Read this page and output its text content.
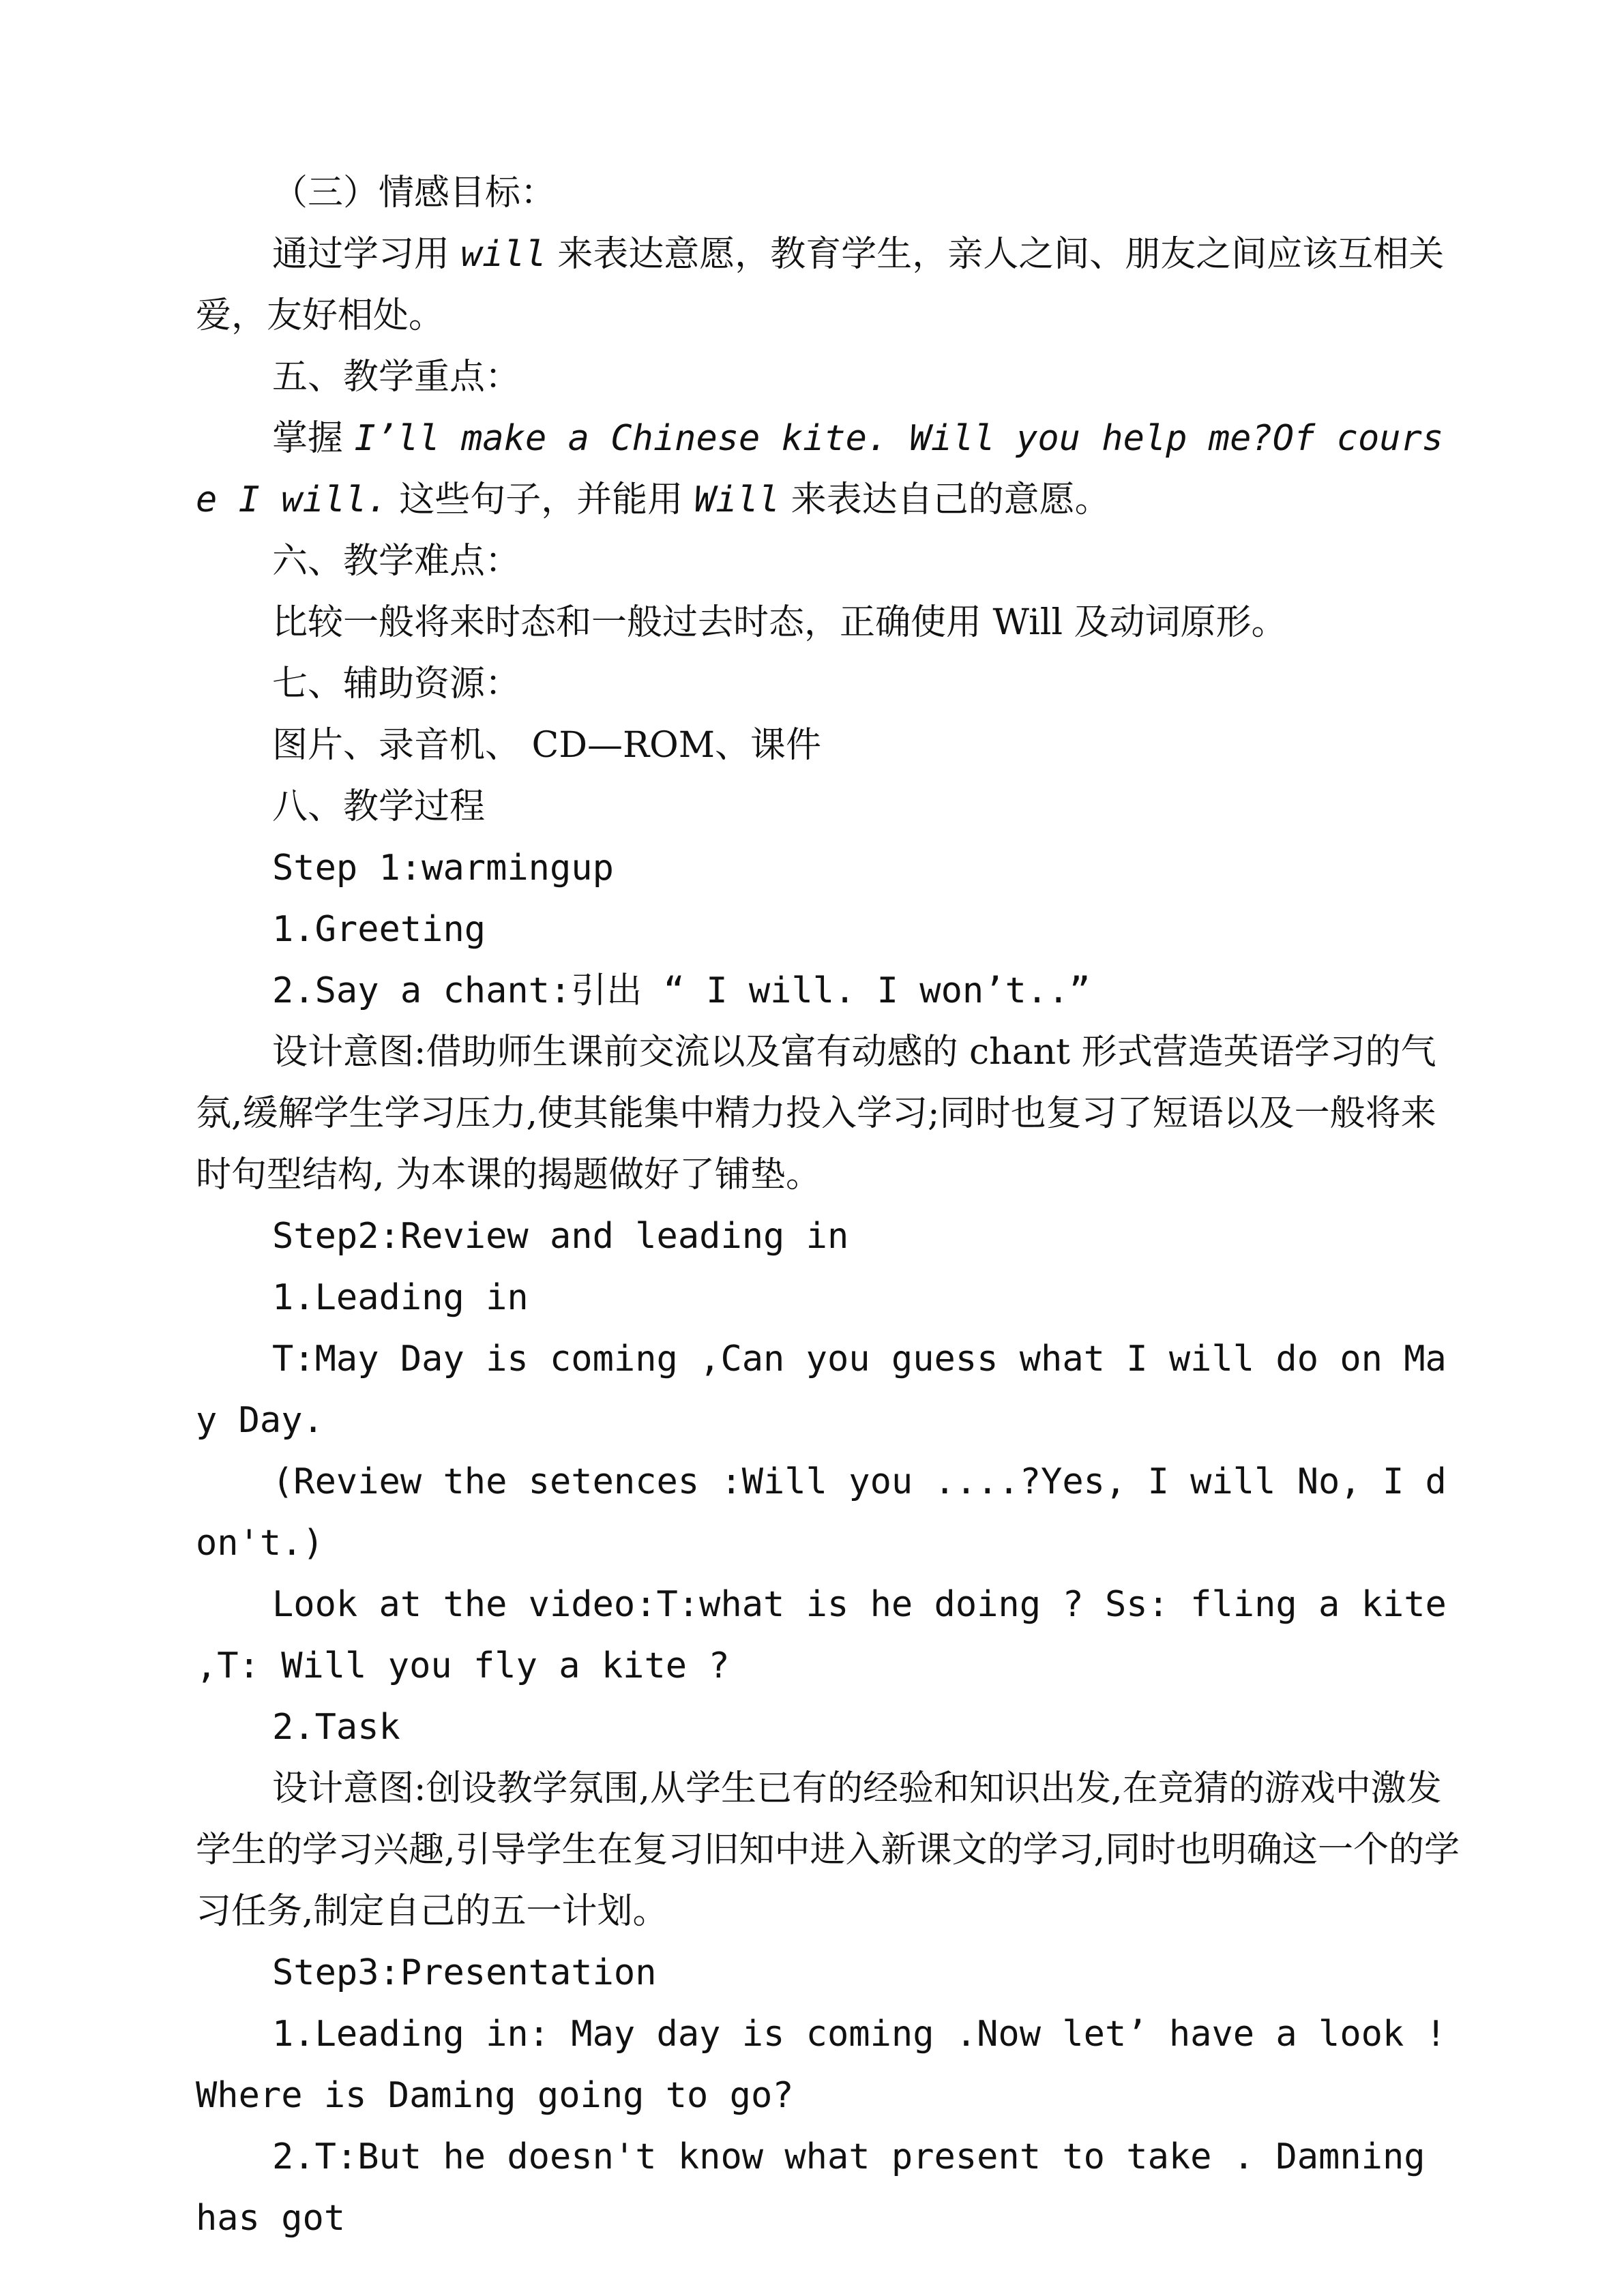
（三）情感目标：

通过学习用 will 来表达意愿，教育学生，亲人之间、朋友之间应该互相关爱，友好相处。

五、教学重点：

掌握 I’ll make a Chinese kite. Will you help me?Of course I will. 这些句子，并能用 Will 来表达自己的意愿。

六、教学难点：

比较一般将来时态和一般过去时态，正确使用 Will 及动词原形。

七、辅助资源：

图片、录音机、 CD—ROM、课件

八、教学过程

Step 1:warmingup

1.Greeting

2.Say a chant:引出 “ I will. I won’t..”

设计意图:借助师生课前交流以及富有动感的 chant 形式营造英语学习的气氛,缓解学生学习压力,使其能集中精力投入学习;同时也复习了短语以及一般将来时句型结构, 为本课的揭题做好了铺垫。

Step2:Review and leading in

1.Leading in

T:May Day is coming ,Can you guess what I will do on May Day.

(Review the setences :Will you ....?Yes, I will No, I don't.)

Look at the video:T:what is he doing ? Ss: fling a kite ,T: Will you fly a kite ?

2.Task

设计意图:创设教学氛围,从学生已有的经验和知识出发,在竞猜的游戏中激发学生的学习兴趣,引导学生在复习旧知中进入新课文的学习,同时也明确这一个的学习任务,制定自己的五一计划。

Step3:Presentation

1.Leading in: May day is coming .Now let’ have a look ! Where is Daming going to go?

2.T:But he doesn't know what present to take . Damning has got
